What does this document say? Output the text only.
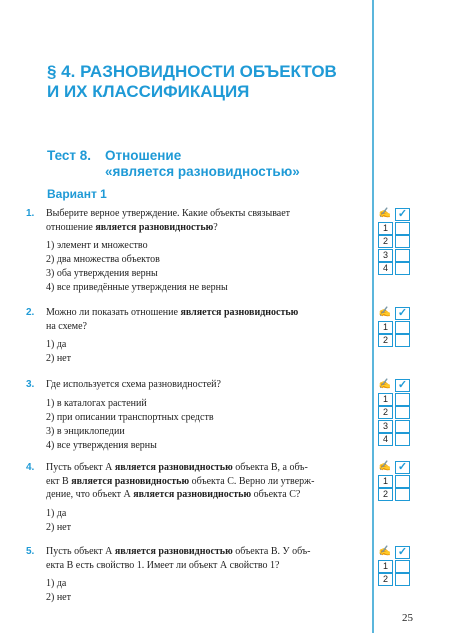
§ 4. РАЗНОВИДНОСТИ ОБЪЕКТОВ
И ИХ КЛАССИФИКАЦИЯ
Тест 8. Отношение
«является разновидностью»
Вариант 1
1. Выберите верное утверждение. Какие объекты связывает
отношение является разновидностью?
1) элемент и множество
2) два множества объектов
3) оба утверждения верны
4) все приведённые утверждения не верны
2. Можно ли показать отношение является разновидностью
на схеме?
1) да
2) нет
3. Где используется схема разновидностей?
1) в каталогах растений
2) при описании транспортных средств
3) в энциклопедии
4) все утверждения верны
4. Пусть объект А является разновидностью объекта В, а объ-
ект В является разновидностью объекта С. Верно ли утверж-
дение, что объект А является разновидностью объекта С?
1) да
2) нет
5. Пусть объект А является разновидностью объекта В. У объ-
екта В есть свойство 1. Имеет ли объект А свойство 1?
1) да
2) нет
25
✍ ✓
1
2
3
4
✍ ✓
1
2
✍ ✓
1
2
3
4
✍ ✓
1
2
✍ ✓
1
2
